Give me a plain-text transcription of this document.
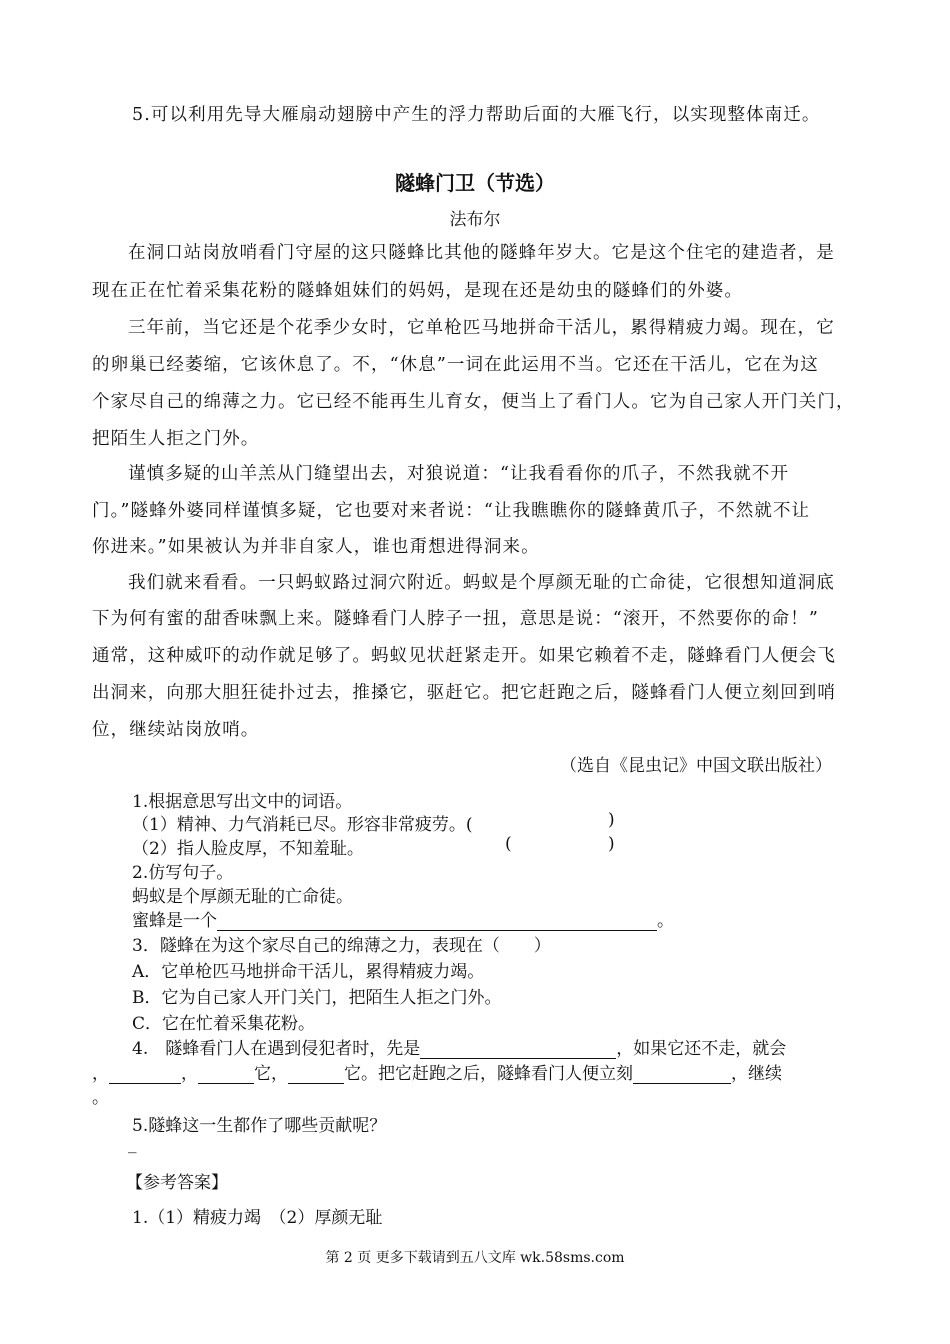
5.可以利用先导大雁扇动翅膀中产生的浮力帮助后面的大雁飞行，以实现整体南迁。
隧蜂门卫（节选）
法布尔
在洞口站岗放哨看门守屋的这只隧蜂比其他的隧蜂年岁大。它是这个住宅的建造者，是
现在正在忙着采集花粉的隧蜂姐妹们的妈妈，是现在还是幼虫的隧蜂们的外婆。
三年前，当它还是个花季少女时，它单枪匹马地拼命干活儿，累得精疲力竭。现在，它
的卵巢已经萎缩，它该休息了。不，“休息”一词在此运用不当。它还在干活儿，它在为这
个家尽自己的绵薄之力。它已经不能再生儿育女，便当上了看门人。它为自己家人开门关门，
把陌生人拒之门外。
谨慎多疑的山羊羔从门缝望出去，对狼说道：“让我看看你的爪子，不然我就不开
门。”隧蜂外婆同样谨慎多疑，它也要对来者说：“让我瞧瞧你的隧蜂黄爪子，不然就不让
你进来。”如果被认为并非自家人，谁也甭想进得洞来。
我们就来看看。一只蚂蚁路过洞穴附近。蚂蚁是个厚颜无耻的亡命徒，它很想知道洞底
下为何有蜜的甜香味飘上来。隧蜂看门人脖子一扭，意思是说：“滚开，不然要你的命！”
通常，这种威吓的动作就足够了。蚂蚁见状赶紧走开。如果它赖着不走，隧蜂看门人便会飞
出洞来，向那大胆狂徒扑过去，推搡它，驱赶它。把它赶跑之后，隧蜂看门人便立刻回到哨
位，继续站岗放哨。
（选自《昆虫记》中国文联出版社）
1.根据意思写出文中的词语。
（1）精神、力气消耗已尽。形容非常疲劳。(	)
（2）指人脸皮厚，不知羞耻。	(	)
2.仿写句子。
蚂蚁是个厚颜无耻的亡命徒。
蜜蜂是一个	。
3．隧蜂在为这个家尽自己的绵薄之力，表现在（　　）
A．它单枪匹马地拼命干活儿，累得精疲力竭。
B．它为自己家人开门关门，把陌生人拒之门外。
C．它在忙着采集花粉。
4.　隧蜂看门人在遇到侵犯者时，先是	，如果它还不走，就会
，	，	它，	它。把它赶跑之后，隧蜂看门人便立刻	，继续
。
5.隧蜂这一生都作了哪些贡献呢？
_
【参考答案】
1.（1）精疲力竭　（2）厚颜无耻
第 2 页 更多下载请到五八文库 wk.58sms.com
